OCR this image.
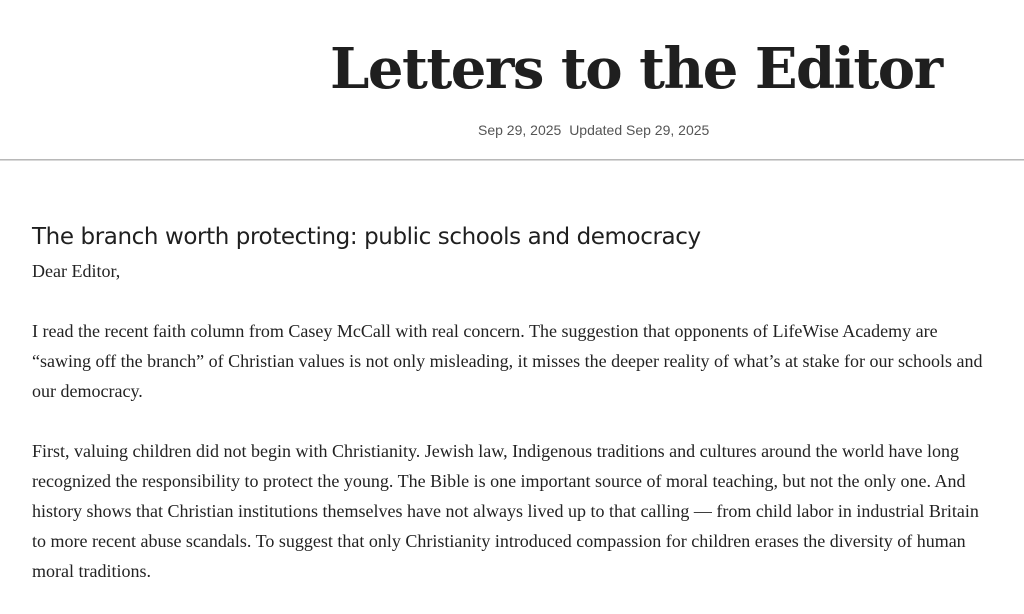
Letters to the Editor
Sep 29, 2025 Updated Sep 29, 2025
The branch worth protecting: public schools and democracy

Dear Editor,

I read the recent faith column from Casey McCall with real concern. The suggestion that opponents of LifeWise Academy are “sawing off the branch” of Christian values is not only misleading, it misses the deeper reality of what’s at stake for our schools and our democracy.

First, valuing children did not begin with Christianity. Jewish law, Indigenous traditions and cultures around the world have long recognized the responsibility to protect the young. The Bible is one important source of moral teaching, but not the only one. And history shows that Christian institutions themselves have not always lived up to that calling — from child labor in industrial Britain to more recent abuse scandals. To suggest that only Christianity introduced compassion for children erases the diversity of human moral traditions.
